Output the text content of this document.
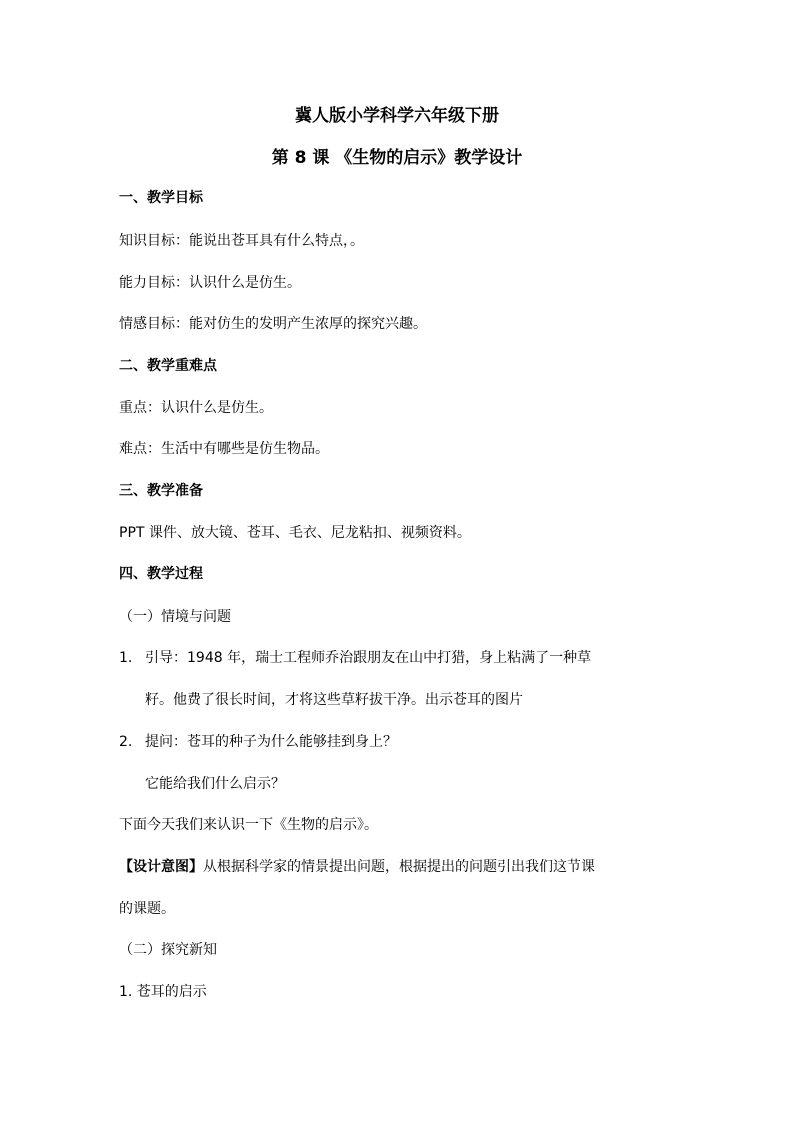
冀人版小学科学六年级下册
第 8 课 《生物的启示》教学设计
一、教学目标
知识目标：能说出苍耳具有什么特点，。
能力目标：认识什么是仿生。
情感目标：能对仿生的发明产生浓厚的探究兴趣。
二、教学重难点
重点：认识什么是仿生。
难点：生活中有哪些是仿生物品。
三、教学准备
PPT 课件、放大镜、苍耳、毛衣、尼龙粘扣、视频资料。
四、教学过程
（一）情境与问题
1. 引导：1948 年，瑞士工程师乔治跟朋友在山中打猎，身上粘满了一种草
籽。他费了很长时间，才将这些草籽拔干净。出示苍耳的图片
2. 提问：苍耳的种子为什么能够挂到身上？
它能给我们什么启示？
下面今天我们来认识一下《生物的启示》。
【设计意图】从根据科学家的情景提出问题，根据提出的问题引出我们这节课
的课题。
（二）探究新知
1. 苍耳的启示
